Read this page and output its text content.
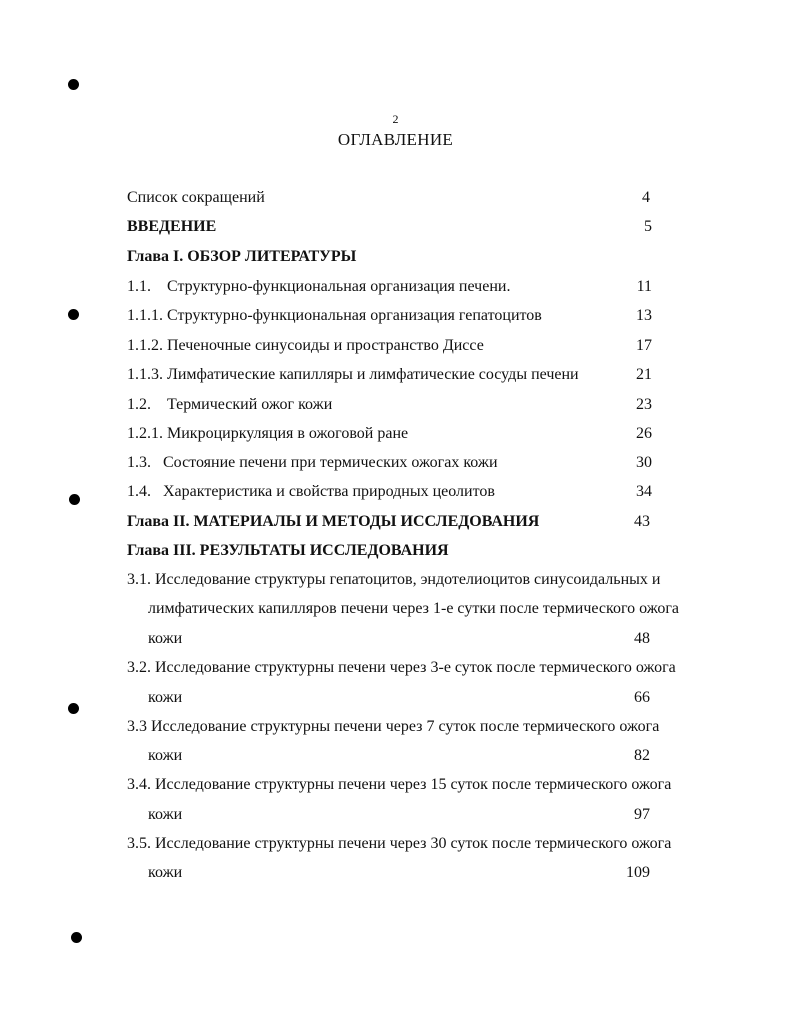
2
ОГЛАВЛЕНИЕ
Список сокращений	4
ВВЕДЕНИЕ	5
Глава I. ОБЗОР ЛИТЕРАТУРЫ
1.1.    Структурно-функциональная организация печени.	11
1.1.1. Структурно-функциональная организация гепатоцитов	13
1.1.2. Печеночные синусоиды и пространство Диссе	17
1.1.3. Лимфатические капилляры и лимфатические сосуды печени	21
1.2.    Термический ожог кожи	23
1.2.1. Микроциркуляция в ожоговой ране	26
1.3.   Состояние печени при термических ожогах кожи	30
1.4.   Характеристика и свойства природных цеолитов	34
Глава II. МАТЕРИАЛЫ И МЕТОДЫ ИССЛЕДОВАНИЯ	43
Глава III. РЕЗУЛЬТАТЫ ИССЛЕДОВАНИЯ
3.1. Исследование структуры гепатоцитов, эндотелиоцитов синусоидальных и
лимфатических капилляров печени через 1-е сутки после термического ожога
кожи	48
3.2. Исследование структурны печени через 3-е суток после термического ожога
кожи	66
3.3 Исследование структурны печени через 7 суток после термического ожога
кожи	82
3.4. Исследование структурны печени через 15 суток после термического ожога
кожи	97
3.5. Исследование структурны печени через 30 суток после термического ожога
кожи	109
